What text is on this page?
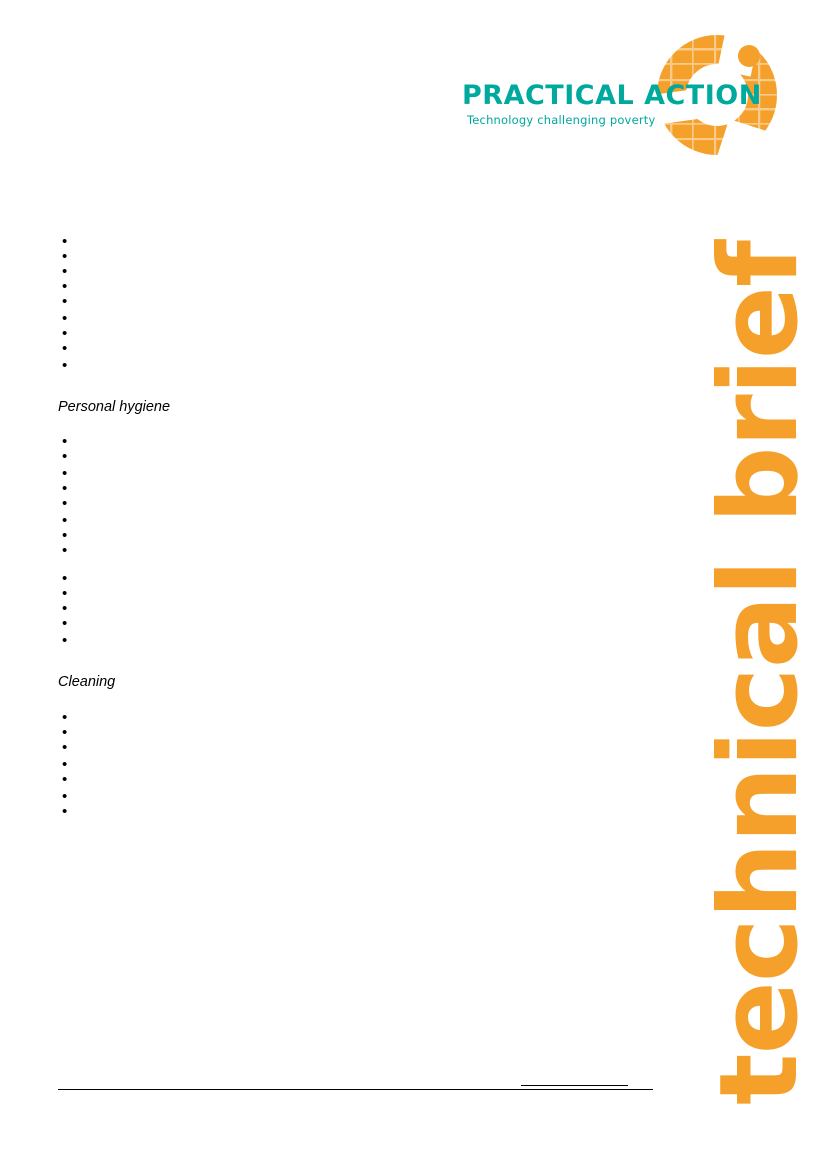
PRACTICAL ACTION
Technology challenging poverty
technical brief
•
•
•
•
•
•
•
•
•
Personal hygiene
•
•
•
•
•
•
•
•
•
•
•
•
•
Cleaning
•
•
•
•
•
•
•
